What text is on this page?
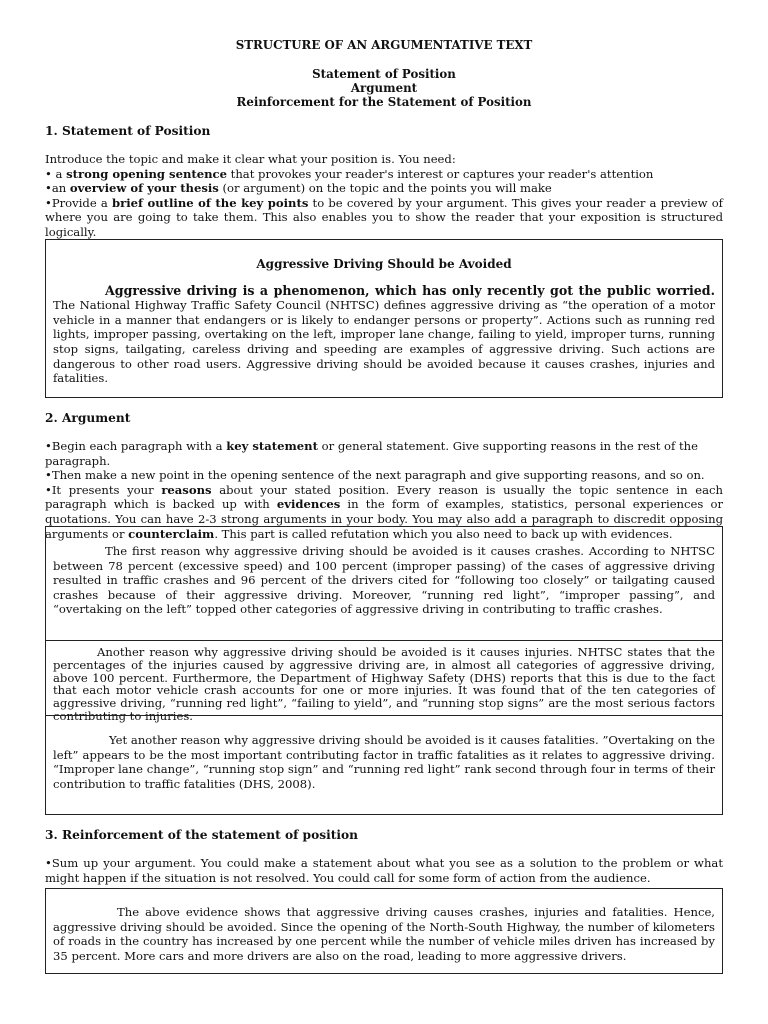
STRUCTURE OF AN ARGUMENTATIVE TEXT

Statement of Position
Argument
Reinforcement for the Statement of Position
1. Statement of Position

Introduce the topic and make it clear what your position is. You need:

• a strong opening sentence that provokes your reader's interest or captures your reader's attention

•an overview of your thesis (or argument) on the topic and the points you will make

•Provide a brief outline of the key points to be covered by your argument. This gives your reader a preview of where you are going to take them. This also enables you to show the reader that your exposition is structured logically.

Aggressive Driving Should be Avoided

Aggressive driving is a phenomenon, which has only recently got the public worried. The National Highway Traffic Safety Council (NHTSC) defines aggressive driving as “the operation of a motor vehicle in a manner that endangers or is likely to endanger persons or property”. Actions such as running red lights, improper passing, overtaking on the left, improper lane change, failing to yield, improper turns, running stop signs, tailgating, careless driving and speeding are examples of aggressive driving. Such actions are dangerous to other road users. Aggressive driving should be avoided because it causes crashes, injuries and fatalities.

2. Argument

•Begin each paragraph with a key statement or general statement. Give supporting reasons in the rest of the paragraph.

•Then make a new point in the opening sentence of the next paragraph and give supporting reasons, and so on.

•It presents your reasons about your stated position. Every reason is usually the topic sentence in each paragraph which is backed up with evidences in the form of examples, statistics, personal experiences or quotations. You can have 2-3 strong arguments in your body. You may also add a paragraph to discredit opposing arguments or counterclaim. This part is called refutation which you also need to back up with evidences.

The first reason why aggressive driving should be avoided is it causes crashes. According to NHTSC between 78 percent (excessive speed) and 100 percent (improper passing) of the cases of aggressive driving resulted in traffic crashes and 96 percent of the drivers cited for “following too closely” or tailgating caused crashes because of their aggressive driving. Moreover, “running red light”, “improper passing”, and “overtaking on the left” topped other categories of aggressive driving in contributing to traffic crashes.

Another reason why aggressive driving should be avoided is it causes injuries. NHTSC states that the percentages of the injuries caused by aggressive driving are, in almost all categories of aggressive driving, above 100 percent. Furthermore, the Department of Highway Safety (DHS) reports that this is due to the fact that each motor vehicle crash accounts for one or more injuries. It was found that of the ten categories of aggressive driving, “running red light”, “failing to yield”, and “running stop signs” are the most serious factors contributing to injuries.

Yet another reason why aggressive driving should be avoided is it causes fatalities. ”Overtaking on the left” appears to be the most important contributing factor in traffic fatalities as it relates to aggressive driving. “Improper lane change”, “running stop sign” and “running red light” rank second through four in terms of their contribution to traffic fatalities (DHS, 2008).

3. Reinforcement of the statement of position

•Sum up your argument. You could make a statement about what you see as a solution to the problem or what might happen if the situation is not resolved. You could call for some form of action from the audience.

The above evidence shows that aggressive driving causes crashes, injuries and fatalities. Hence, aggressive driving should be avoided. Since the opening of the North-South Highway, the number of kilometers of roads in the country has increased by one percent while the number of vehicle miles driven has increased by 35 percent. More cars and more drivers are also on the road, leading to more aggressive drivers.
